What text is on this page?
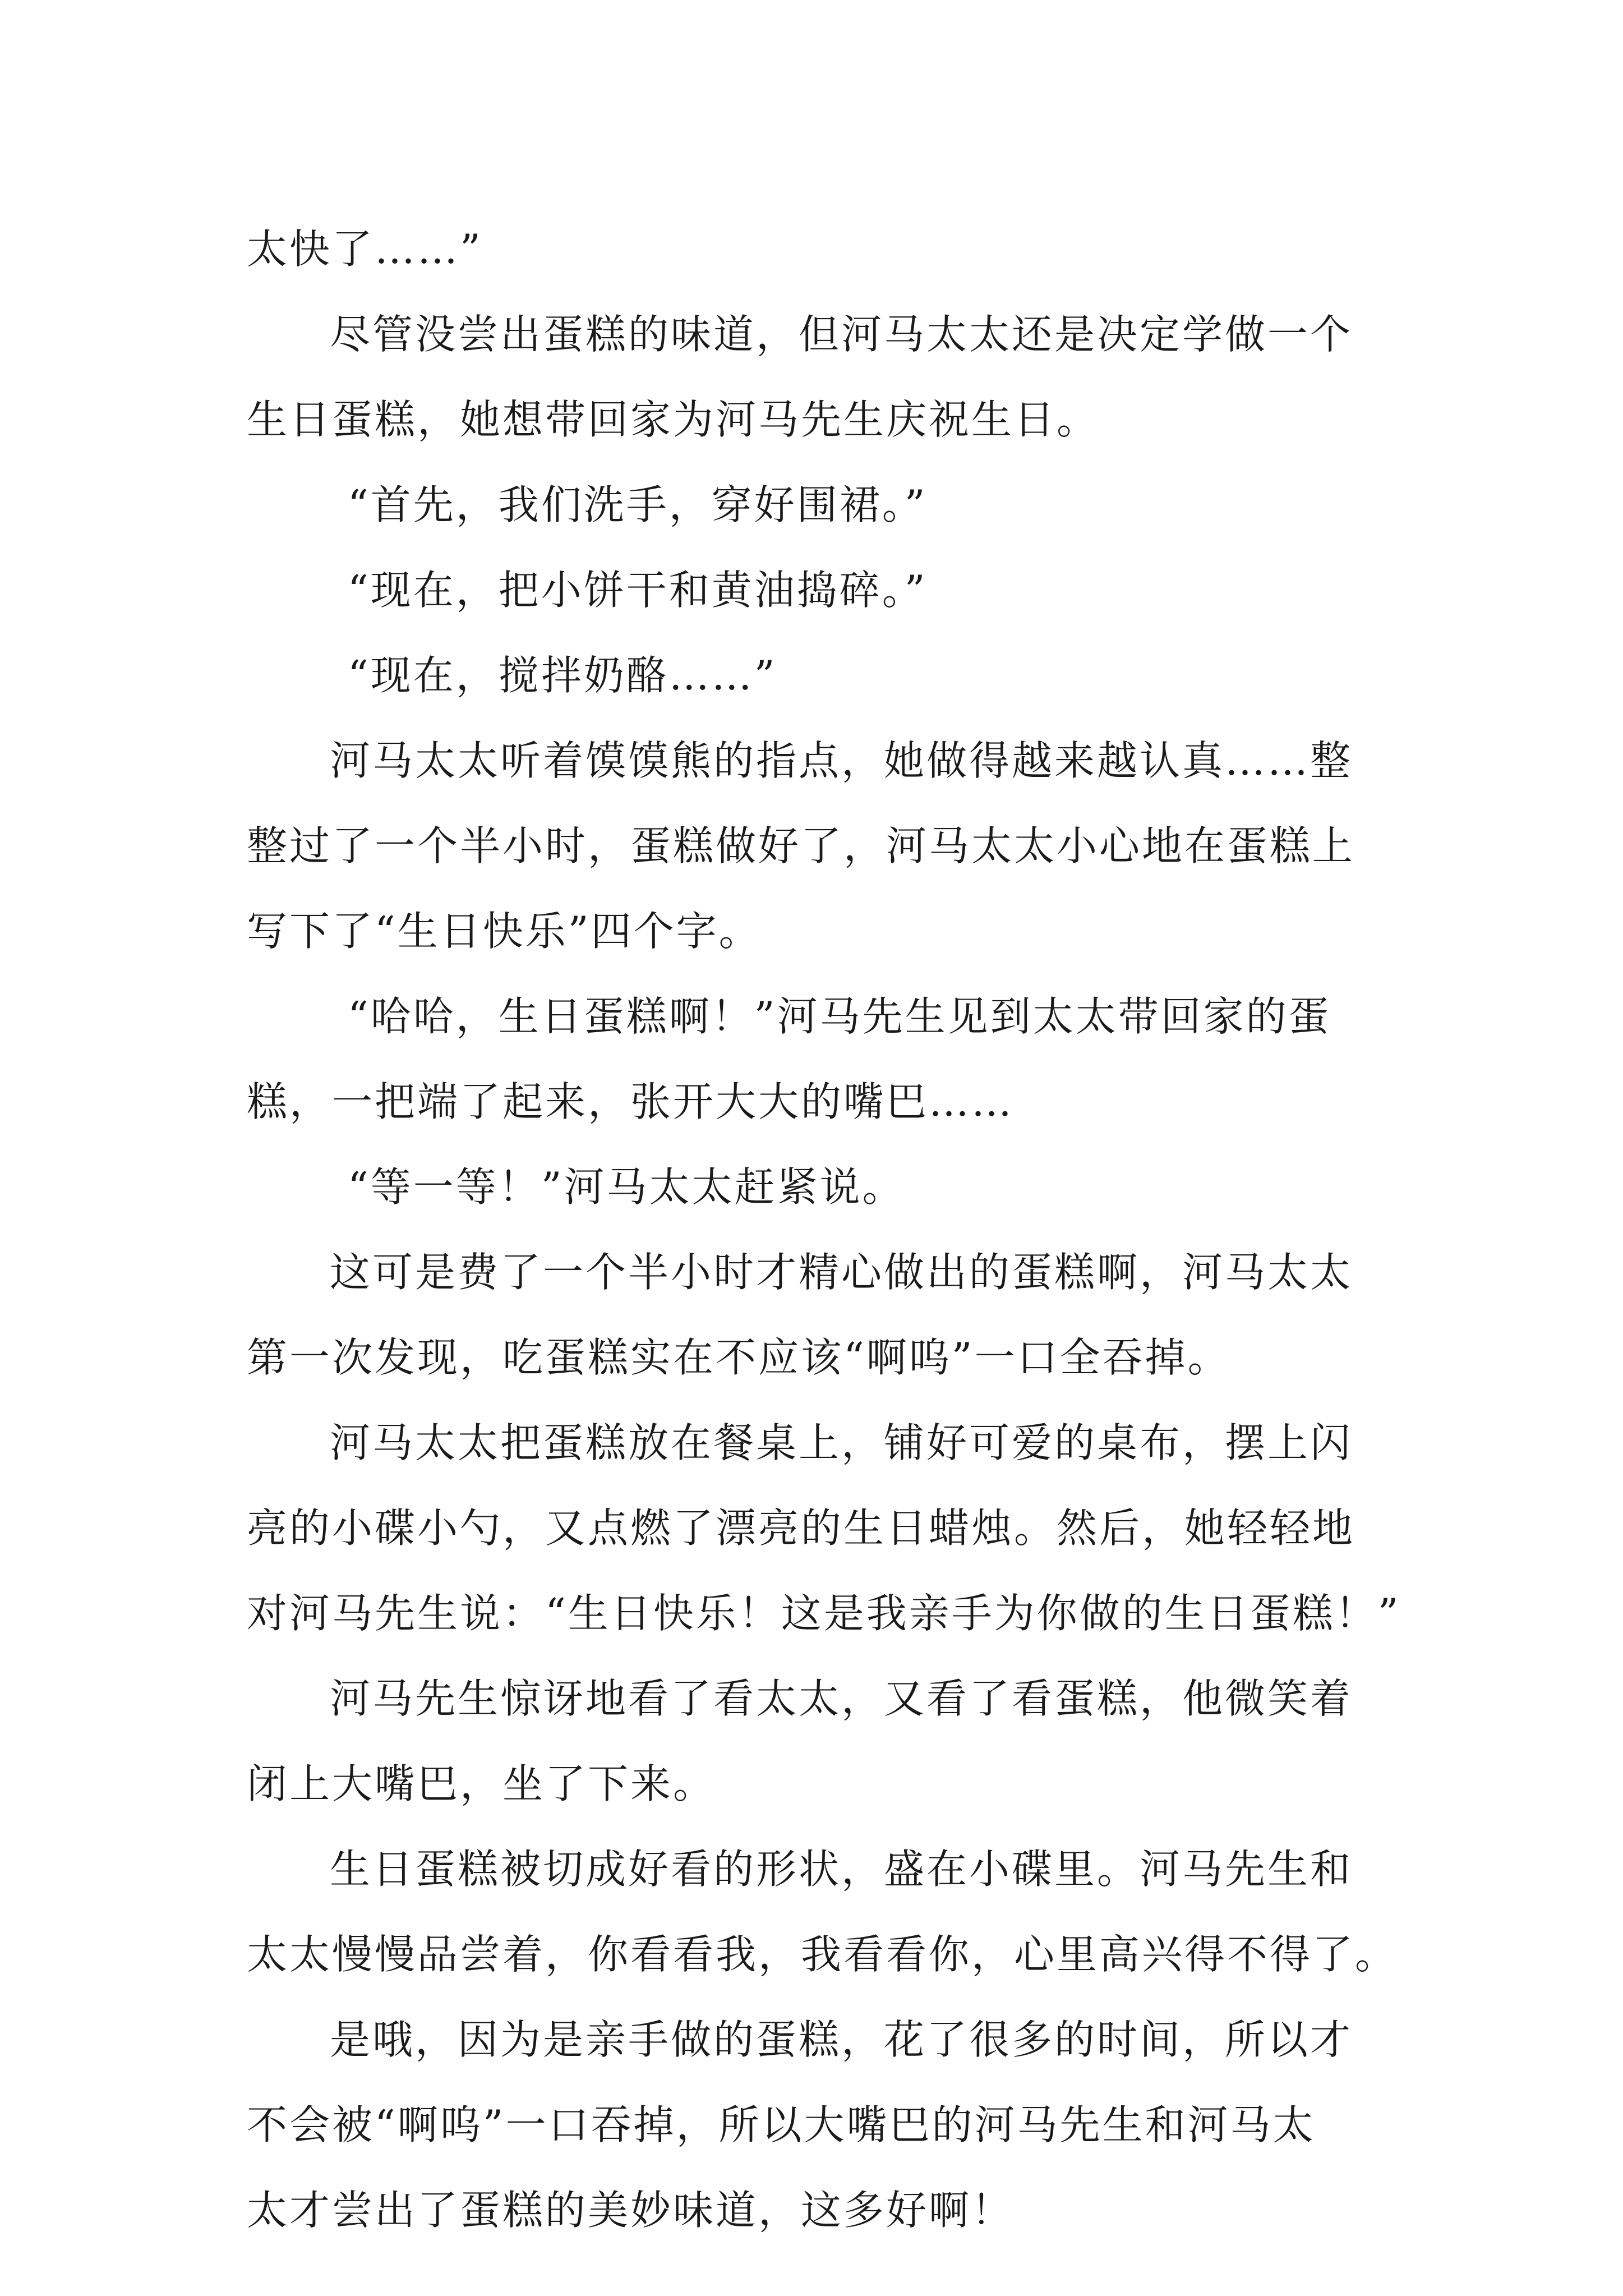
太快了……”
尽管没尝出蛋糕的味道，但河马太太还是决定学做一个
生日蛋糕，她想带回家为河马先生庆祝生日。
“首先，我们洗手，穿好围裙。”
“现在，把小饼干和黄油捣碎。”
“现在，搅拌奶酪……”
河马太太听着馍馍熊的指点，她做得越来越认真……整
整过了一个半小时，蛋糕做好了，河马太太小心地在蛋糕上
写下了“生日快乐”四个字。
“哈哈，生日蛋糕啊！”河马先生见到太太带回家的蛋
糕，一把端了起来，张开大大的嘴巴……
“等一等！”河马太太赶紧说。
这可是费了一个半小时才精心做出的蛋糕啊，河马太太
第一次发现，吃蛋糕实在不应该“啊呜”一口全吞掉。
河马太太把蛋糕放在餐桌上，铺好可爱的桌布，摆上闪
亮的小碟小勺，又点燃了漂亮的生日蜡烛。然后，她轻轻地
对河马先生说：“生日快乐！这是我亲手为你做的生日蛋糕！”
河马先生惊讶地看了看太太，又看了看蛋糕，他微笑着
闭上大嘴巴，坐了下来。
生日蛋糕被切成好看的形状，盛在小碟里。河马先生和
太太慢慢品尝着，你看看我，我看看你，心里高兴得不得了。
是哦，因为是亲手做的蛋糕，花了很多的时间，所以才
不会被“啊呜”一口吞掉，所以大嘴巴的河马先生和河马太
太才尝出了蛋糕的美妙味道，这多好啊！
